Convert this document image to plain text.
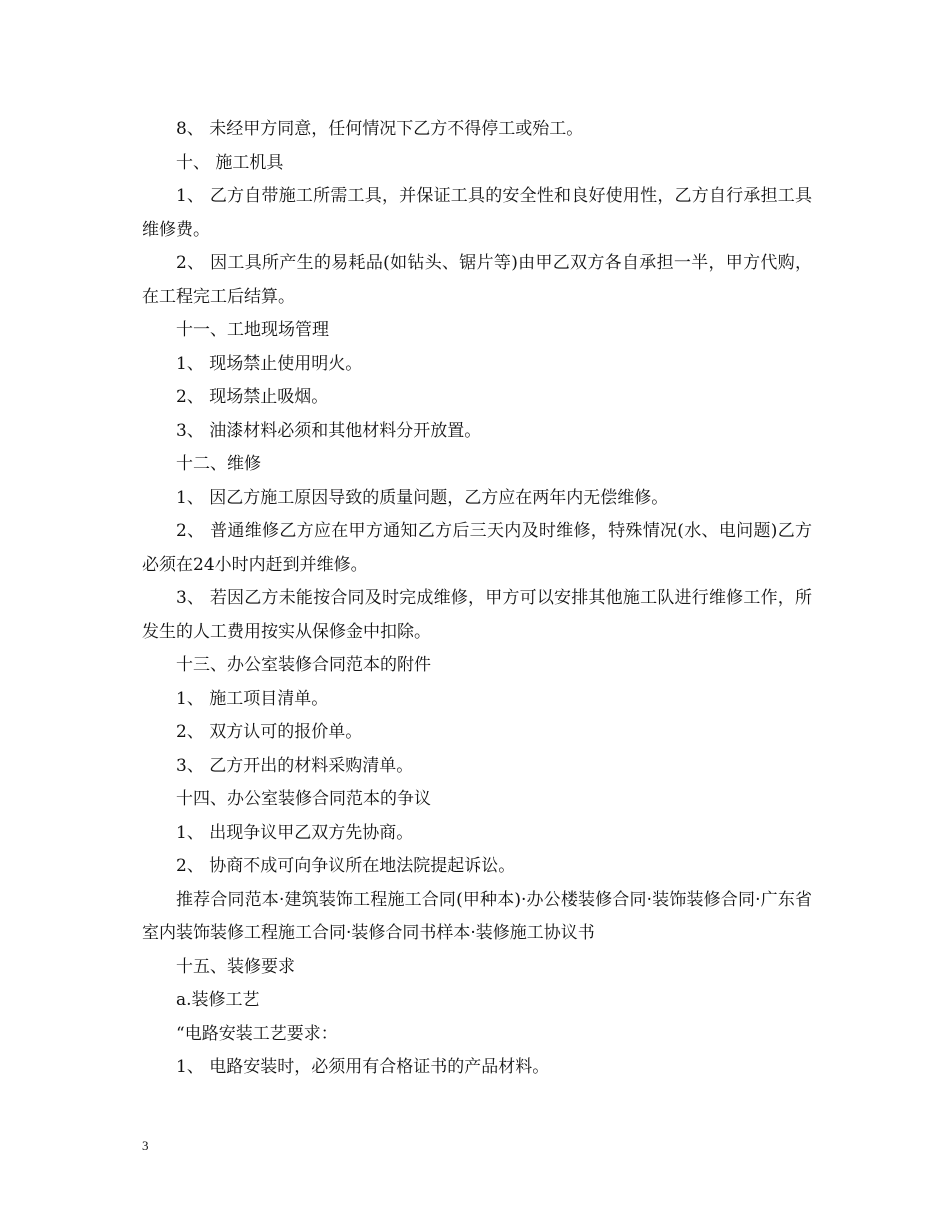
8、 未经甲方同意，任何情况下乙方不得停工或殆工。

十、 施工机具

1、 乙方自带施工所需工具，并保证工具的安全性和良好使用性，乙方自行承担工具维修费。

2、 因工具所产生的易耗品(如钻头、锯片等)由甲乙双方各自承担一半，甲方代购，在工程完工后结算。

十一、工地现场管理

1、 现场禁止使用明火。

2、 现场禁止吸烟。

3、 油漆材料必须和其他材料分开放置。

十二、维修

1、 因乙方施工原因导致的质量问题，乙方应在两年内无偿维修。

2、 普通维修乙方应在甲方通知乙方后三天内及时维修，特殊情况(水、电问题)乙方必须在24小时内赶到并维修。

3、 若因乙方未能按合同及时完成维修，甲方可以安排其他施工队进行维修工作，所发生的人工费用按实从保修金中扣除。

十三、办公室装修合同范本的附件

1、 施工项目清单。

2、 双方认可的报价单。

3、 乙方开出的材料采购清单。

十四、办公室装修合同范本的争议

1、 出现争议甲乙双方先协商。

2、 协商不成可向争议所在地法院提起诉讼。

推荐合同范本·建筑装饰工程施工合同(甲种本)·办公楼装修合同·装饰装修合同·广东省室内装饰装修工程施工合同·装修合同书样本·装修施工协议书

十五、装修要求

a.装修工艺

“电路安装工艺要求：

1、 电路安装时，必须用有合格证书的产品材料。

3
